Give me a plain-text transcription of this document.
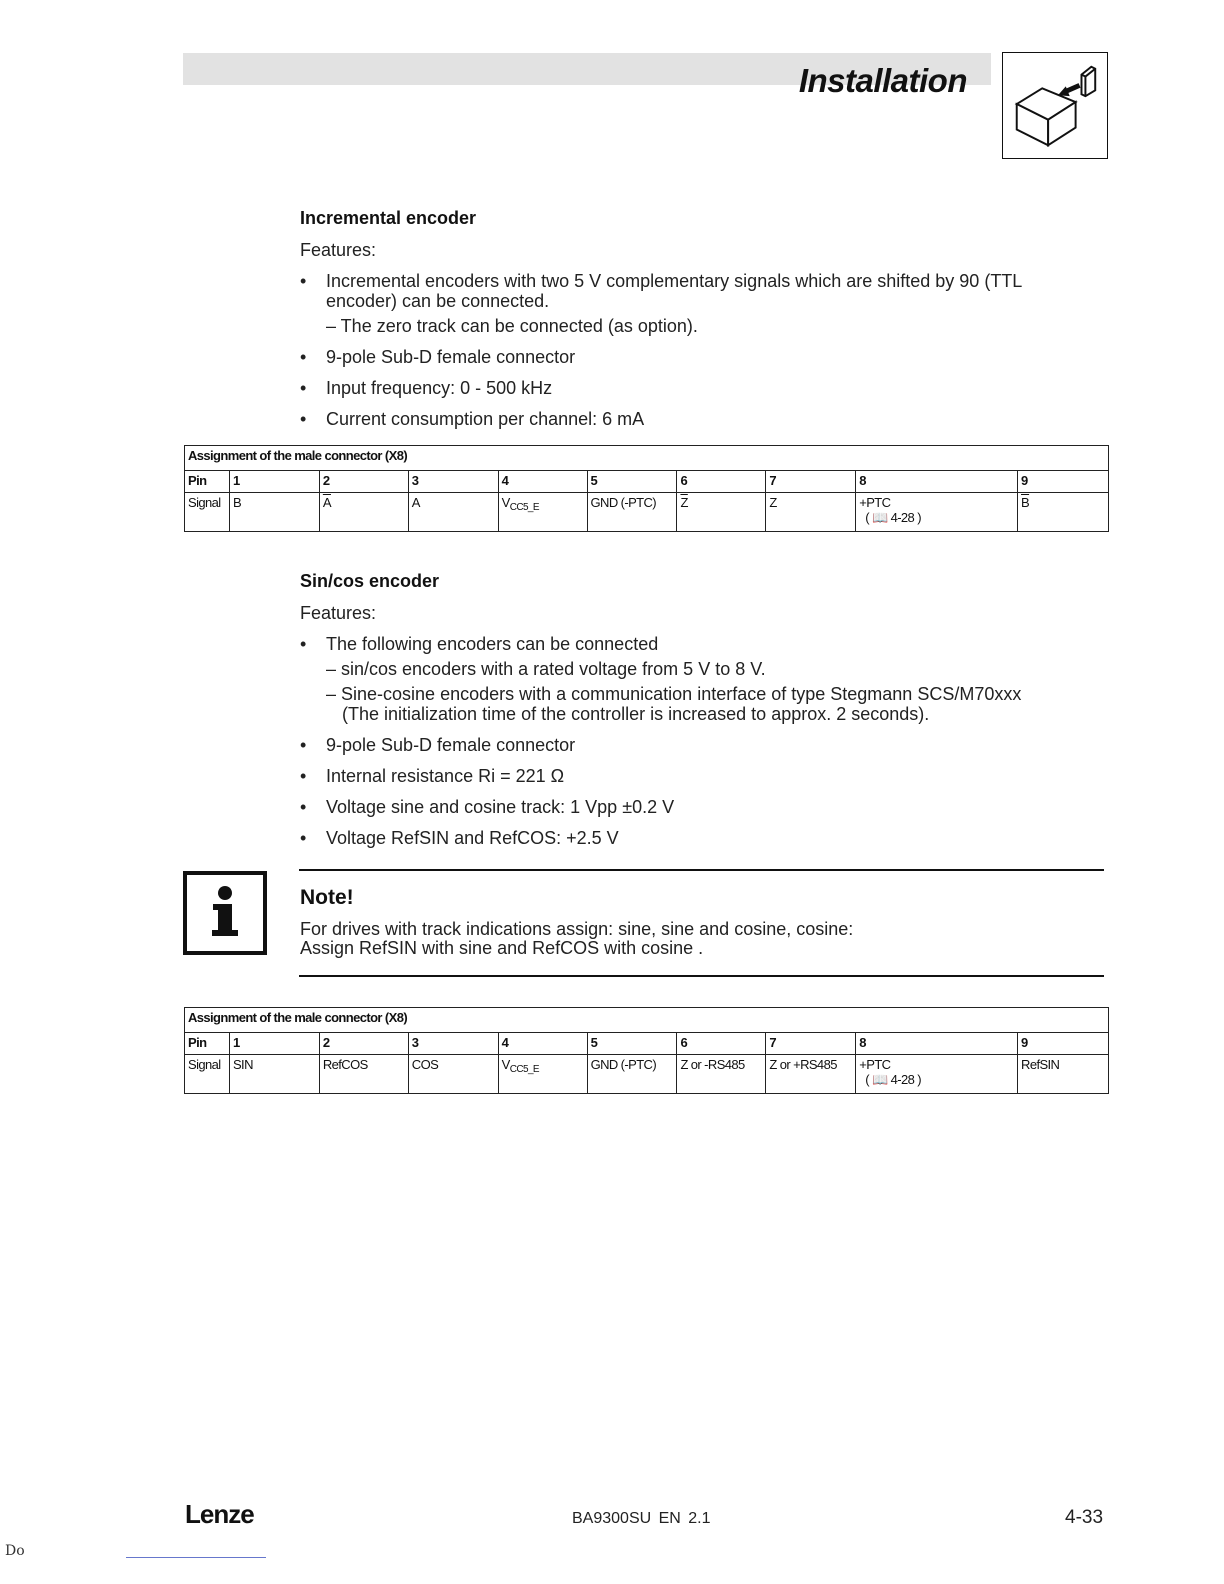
Installation
Incremental encoder
Features:
• Incremental encoders with two 5 V complementary signals which are shifted by 90 (TTL
encoder) can be connected.
– The zero track can be connected (as option).
• 9-pole Sub-D female connector
• Input frequency: 0 - 500 kHz
• Current consumption per channel: 6 mA
Assignment of the male connector (X8)									
Pin	1	2	3	4	5	6	7	8	9
Signal	B	$\overline{A}$	A	$V_{CC5\_E}$	GND (-PTC)	$\overline{Z}$	Z	+PTC
( 📖 4-28 )	$\overline{B}$
Sin/cos encoder
Features:
• The following encoders can be connected
– sin/cos encoders with a rated voltage from 5 V to 8 V.
– Sine-cosine encoders with a communication interface of type Stegmann SCS/M70xxx
(The initialization time of the controller is increased to approx. 2 seconds).
• 9-pole Sub-D female connector
• Internal resistance Ri = 221 Ω
• Voltage sine and cosine track: 1 Vpp ±0.2 V
• Voltage RefSIN and RefCOS: +2.5 V
Note!
For drives with track indications assign: sine, sine and cosine, cosine:
Assign RefSIN with sine and RefCOS with cosine .
Assignment of the male connector (X8)									
Pin	1	2	3	4	5	6	7	8	9
Signal	SIN	RefCOS	COS	$V_{CC5\_E}$	GND (-PTC)	Z or -RS485	Z or +RS485	+PTC
( 📖 4-28 )	RefSIN
Lenze	BA9300SU EN 2.1	4-33
Do
